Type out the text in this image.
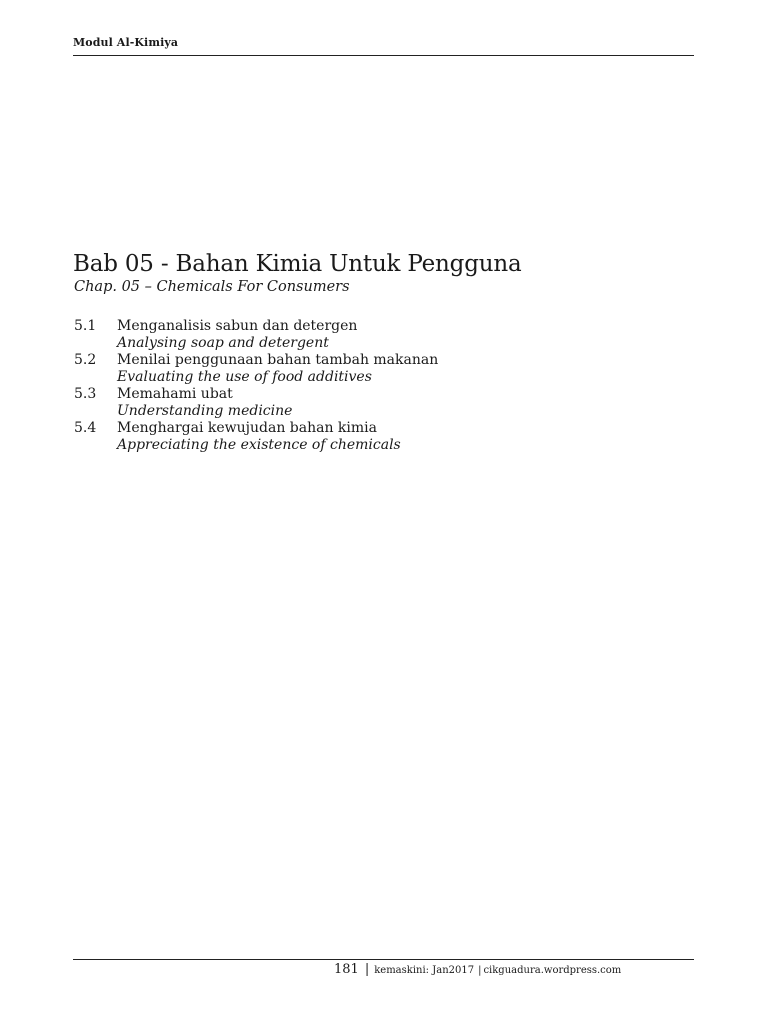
Modul Al-Kimiya
Bab 05 - Bahan Kimia Untuk Pengguna
Chap. 05 – Chemicals For Consumers
5.1	Menganalisis sabun dan detergen
Analysing soap and detergent
5.2	Menilai penggunaan bahan tambah makanan
Evaluating the use of food additives
5.3	Memahami ubat
Understanding medicine
5.4	Menghargai kewujudan bahan kimia
Appreciating the existence of chemicals
181 | kemaskini: Jan2017 | cikguadura.wordpress.com
